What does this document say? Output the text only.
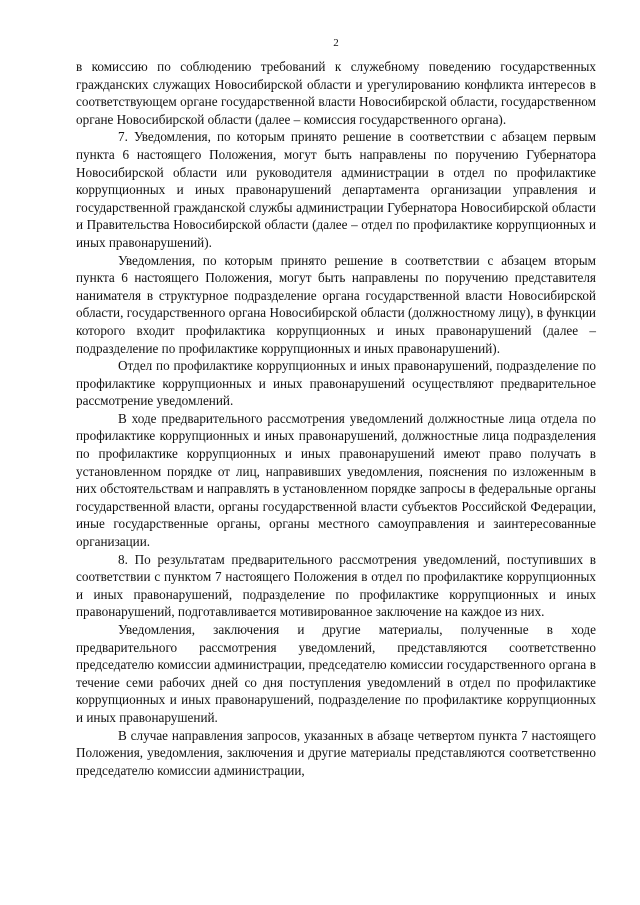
2

в комиссию по соблюдению требований к служебному поведению государственных гражданских служащих Новосибирской области и урегулированию конфликта интересов в соответствующем органе государственной власти Новосибирской области, государственном органе Новосибирской области (далее – комиссия государственного органа).

7. Уведомления, по которым принято решение в соответствии с абзацем первым пункта 6 настоящего Положения, могут быть направлены по поручению Губернатора Новосибирской области или руководителя администрации в отдел по профилактике коррупционных и иных правонарушений департамента организации управления и государственной гражданской службы администрации Губернатора Новосибирской области и Правительства Новосибирской области (далее – отдел по профилактике коррупционных и иных правонарушений).

Уведомления, по которым принято решение в соответствии с абзацем вторым пункта 6 настоящего Положения, могут быть направлены по поручению представителя нанимателя в структурное подразделение органа государственной власти Новосибирской области, государственного органа Новосибирской области (должностному лицу), в функции которого входит профилактика коррупционных и иных правонарушений (далее – подразделение по профилактике коррупционных и иных правонарушений).

Отдел по профилактике коррупционных и иных правонарушений, подразделение по профилактике коррупционных и иных правонарушений осуществляют предварительное рассмотрение уведомлений.

В ходе предварительного рассмотрения уведомлений должностные лица отдела по профилактике коррупционных и иных правонарушений, должностные лица подразделения по профилактике коррупционных и иных правонарушений имеют право получать в установленном порядке от лиц, направивших уведомления, пояснения по изложенным в них обстоятельствам и направлять в установленном порядке запросы в федеральные органы государственной власти, органы государственной власти субъектов Российской Федерации, иные государственные органы, органы местного самоуправления и заинтересованные организации.

8. По результатам предварительного рассмотрения уведомлений, поступивших в соответствии с пунктом 7 настоящего Положения в отдел по профилактике коррупционных и иных правонарушений, подразделение по профилактике коррупционных и иных правонарушений, подготавливается мотивированное заключение на каждое из них.

Уведомления, заключения и другие материалы, полученные в ходе предварительного рассмотрения уведомлений, представляются соответственно председателю комиссии администрации, председателю комиссии государственного органа в течение семи рабочих дней со дня поступления уведомлений в отдел по профилактике коррупционных и иных правонарушений, подразделение по профилактике коррупционных и иных правонарушений.

В случае направления запросов, указанных в абзаце четвертом пункта 7 настоящего Положения, уведомления, заключения и другие материалы представляются соответственно председателю комиссии администрации,
